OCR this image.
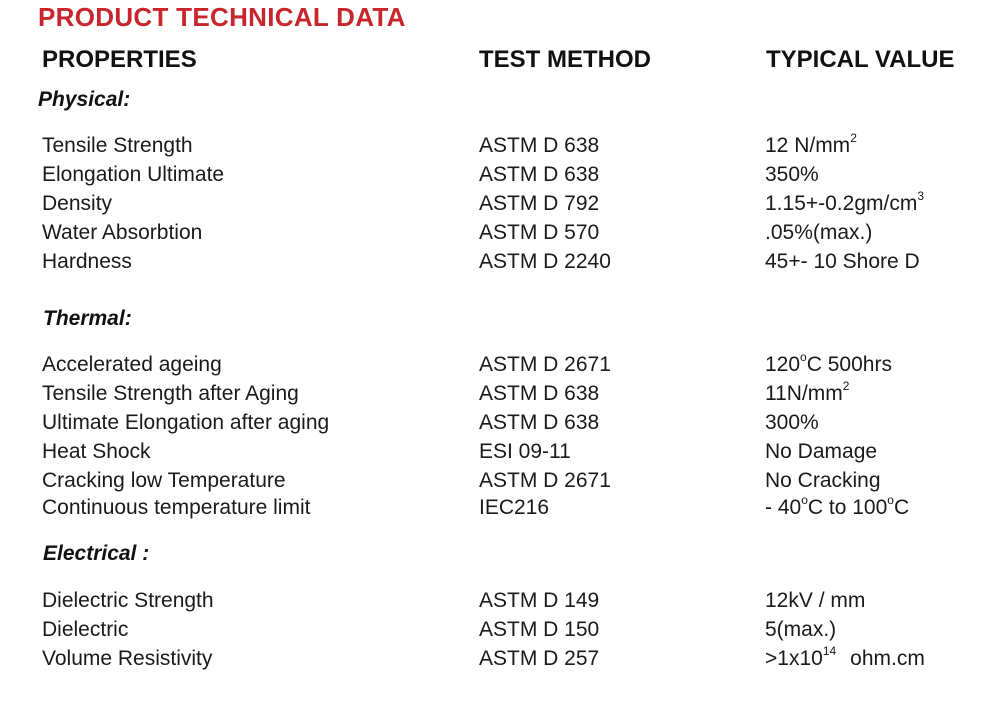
PRODUCT TECHNICAL DATA
PROPERTIES	TEST METHOD	TYPICAL VALUE
Physical:
Tensile Strength	ASTM D 638	12 $N/mm^2$
Elongation Ultimate	ASTM D 638	350%
Density	ASTM D 792	$1.15+-0.2gm/cm^3$
Water Absorbtion	ASTM D 570	.05%(max.)
Hardness	ASTM D 2240	45+- 10 Shore D
Thermal:
Accelerated ageing	ASTM D 2671	120$^o$C 500hrs
Tensile Strength after Aging	ASTM D 638	$11N/mm^2$
Ultimate Elongation after aging	ASTM D 638	300%
Heat Shock	ESI 09-11	No Damage
Cracking low Temperature	ASTM D 2671	No Cracking
Continuous temperature limit	IEC216	- 40$^o$C to 100$^o$C
Electrical :
Dielectric Strength	ASTM D 149	12kV / mm
Dielectric	ASTM D 150	5(max.)
Volume Resistivity	ASTM D 257	$>1x10^{14}$ ohm.cm
